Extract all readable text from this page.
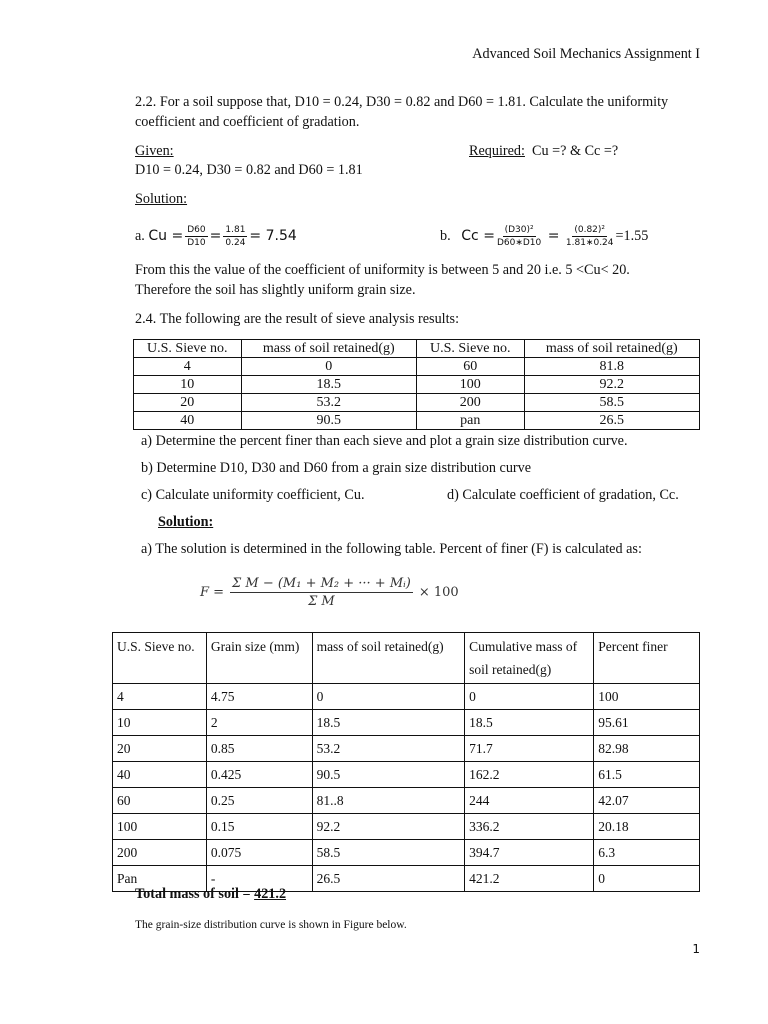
Advanced Soil Mechanics Assignment I
2.2. For a soil suppose that, D10 = 0.24, D30 = 0.82 and D60 = 1.81. Calculate the uniformity
coefficient and coefficient of gradation.
Given:
D10 = 0.24, D30 = 0.82 and D60 = 1.81
Required: Cu =? & Cc =?
Solution:
a.
$Cu = \frac{D60}{D10} = \frac{1.81}{0.24} = 7.54$	b.
$Cc = \frac{\text{(D30)²}}{D60∗D10} = \frac{\text{(0.82)²}}{1.81∗0.24} =1.55$
From this the value of the coefficient of uniformity is between 5 and 20 i.e. 5 <Cu< 20.
Therefore the soil has slightly uniform grain size.
2.4. The following are the result of sieve analysis results:
U.S. Sieve no.	mass of soil retained(g)	U.S. Sieve no.	mass of soil retained(g)
4	0	60	81.8
10	18.5	100	92.2
20	53.2	200	58.5
40	90.5	pan	26.5
a) Determine the percent finer than each sieve and plot a grain size distribution curve.
b) Determine D10, D30 and D60 from a grain size distribution curve
c) Calculate uniformity coefficient, Cu.	d) Calculate coefficient of gradation, Cc.
Solution:
a) The solution is determined in the following table. Percent of finer (F) is calculated as:
$F = \frac{\text{Σ M − (M₁ + M₂ + ··· + Mᵢ)}}{\text{Σ M}} \times 100$
U.S. Sieve no.	Grain size (mm)	mass of soil retained(g)	Cumulative mass of soil retained(g)	Percent finer
4	4.75	0	0	100
10	2	18.5	18.5	95.61
20	0.85	53.2	71.7	82.98
40	0.425	90.5	162.2	61.5
60	0.25	81..8	244	42.07
100	0.15	92.2	336.2	20.18
200	0.075	58.5	394.7	6.3
Pan	-	26.5	421.2	0
Total mass of soil = 421.2
The grain-size distribution curve is shown in Figure below.
1
